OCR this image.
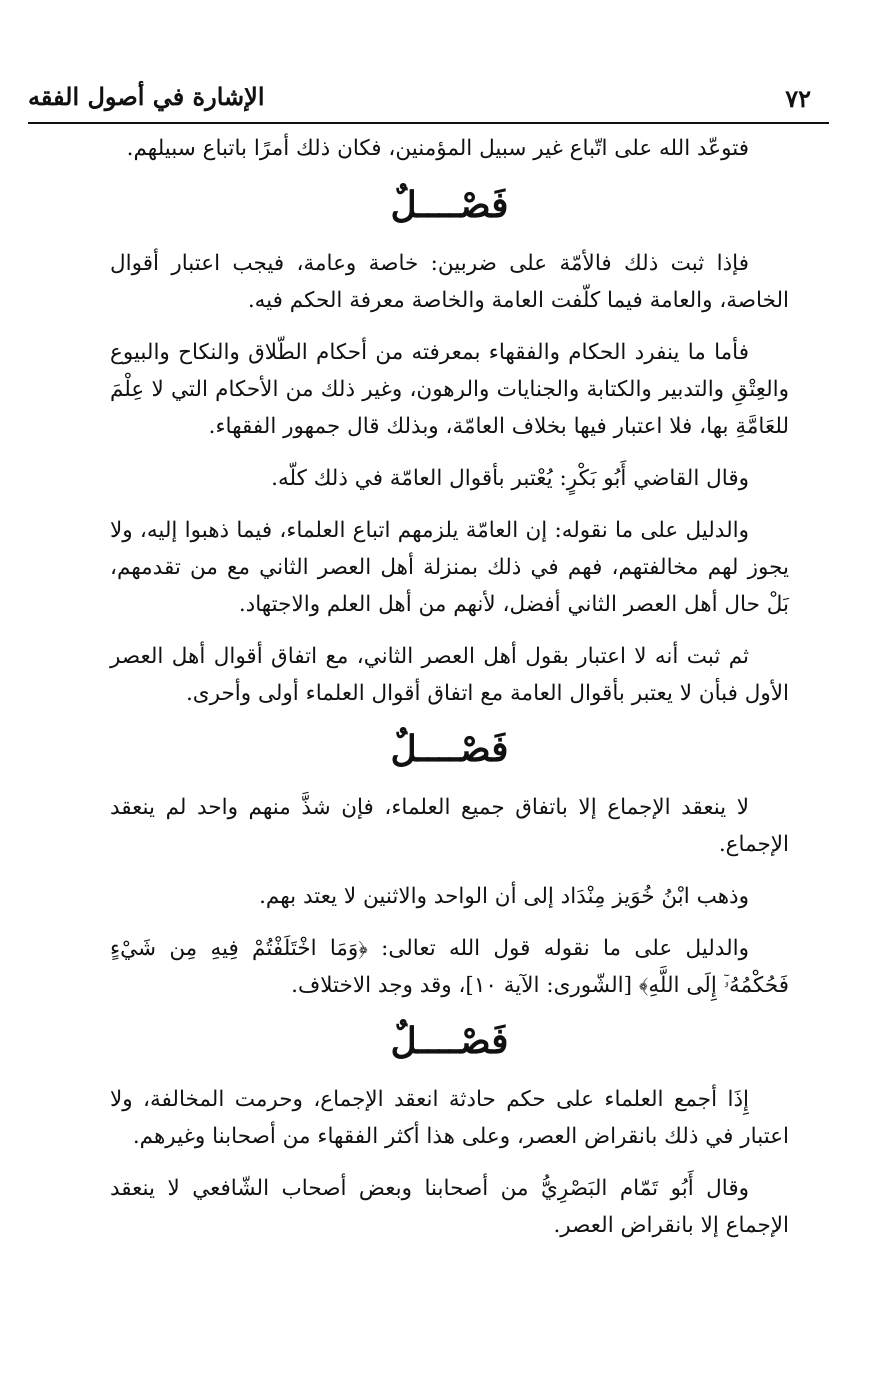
٧٢
الإشارة في أصول الفقه

فتوعّد الله على اتّباع غير سبيل المؤمنين، فكان ذلك أمرًا باتباع سبيلهم.

فَصْــــلٌ

فإذا ثبت ذلك فالأمّة على ضربين: خاصة وعامة، فيجب اعتبار أقوال الخاصة، والعامة فيما كلّفت العامة والخاصة معرفة الحكم فيه.

فأما ما ينفرد الحكام والفقهاء بمعرفته من أحكام الطّلاق والنكاح والبيوع والعِتْقِ والتدبير والكتابة والجنايات والرهون، وغير ذلك من الأحكام التي لا عِلْمَ للعَامَّةِ بها، فلا اعتبار فيها بخلاف العامّة، وبذلك قال جمهور الفقهاء.

وقال القاضي أَبُو بَكْرٍ: يُعْتبر بأقوال العامّة في ذلك كلّه.

والدليل على ما نقوله: إن العامّة يلزمهم اتباع العلماء، فيما ذهبوا إليه، ولا يجوز لهم مخالفتهم، فهم في ذلك بمنزلة أهل العصر الثاني مع من تقدمهم، بَلْ حال أهل العصر الثاني أفضل، لأنهم من أهل العلم والاجتهاد.

ثم ثبت أنه لا اعتبار بقول أهل العصر الثاني، مع اتفاق أقوال أهل العصر الأول فبأن لا يعتبر بأقوال العامة مع اتفاق أقوال العلماء أولى وأحرى.

فَصْــــلٌ

لا ينعقد الإجماع إلا باتفاق جميع العلماء، فإن شذَّ منهم واحد لم ينعقد الإجماع.

وذهب ابْنُ خُوَيز مِنْدَاد إلى أن الواحد والاثنين لا يعتد بهم.

والدليل على ما نقوله قول الله تعالى: ﴿وَمَا اخْتَلَفْتُمْ فِيهِ مِن شَيْءٍ فَحُكْمُهُۥٓ إِلَى اللَّهِ﴾ [الشّورى: الآية ١٠]، وقد وجد الاختلاف.

فَصْــــلٌ

إِذَا أجمع العلماء على حكم حادثة انعقد الإجماع، وحرمت المخالفة، ولا اعتبار في ذلك بانقراض العصر، وعلى هذا أكثر الفقهاء من أصحابنا وغيرهم.

وقال أَبُو تَمّام البَصْرِيُّ من أصحابنا وبعض أصحاب الشّافعي لا ينعقد الإجماع إلا بانقراض العصر.
